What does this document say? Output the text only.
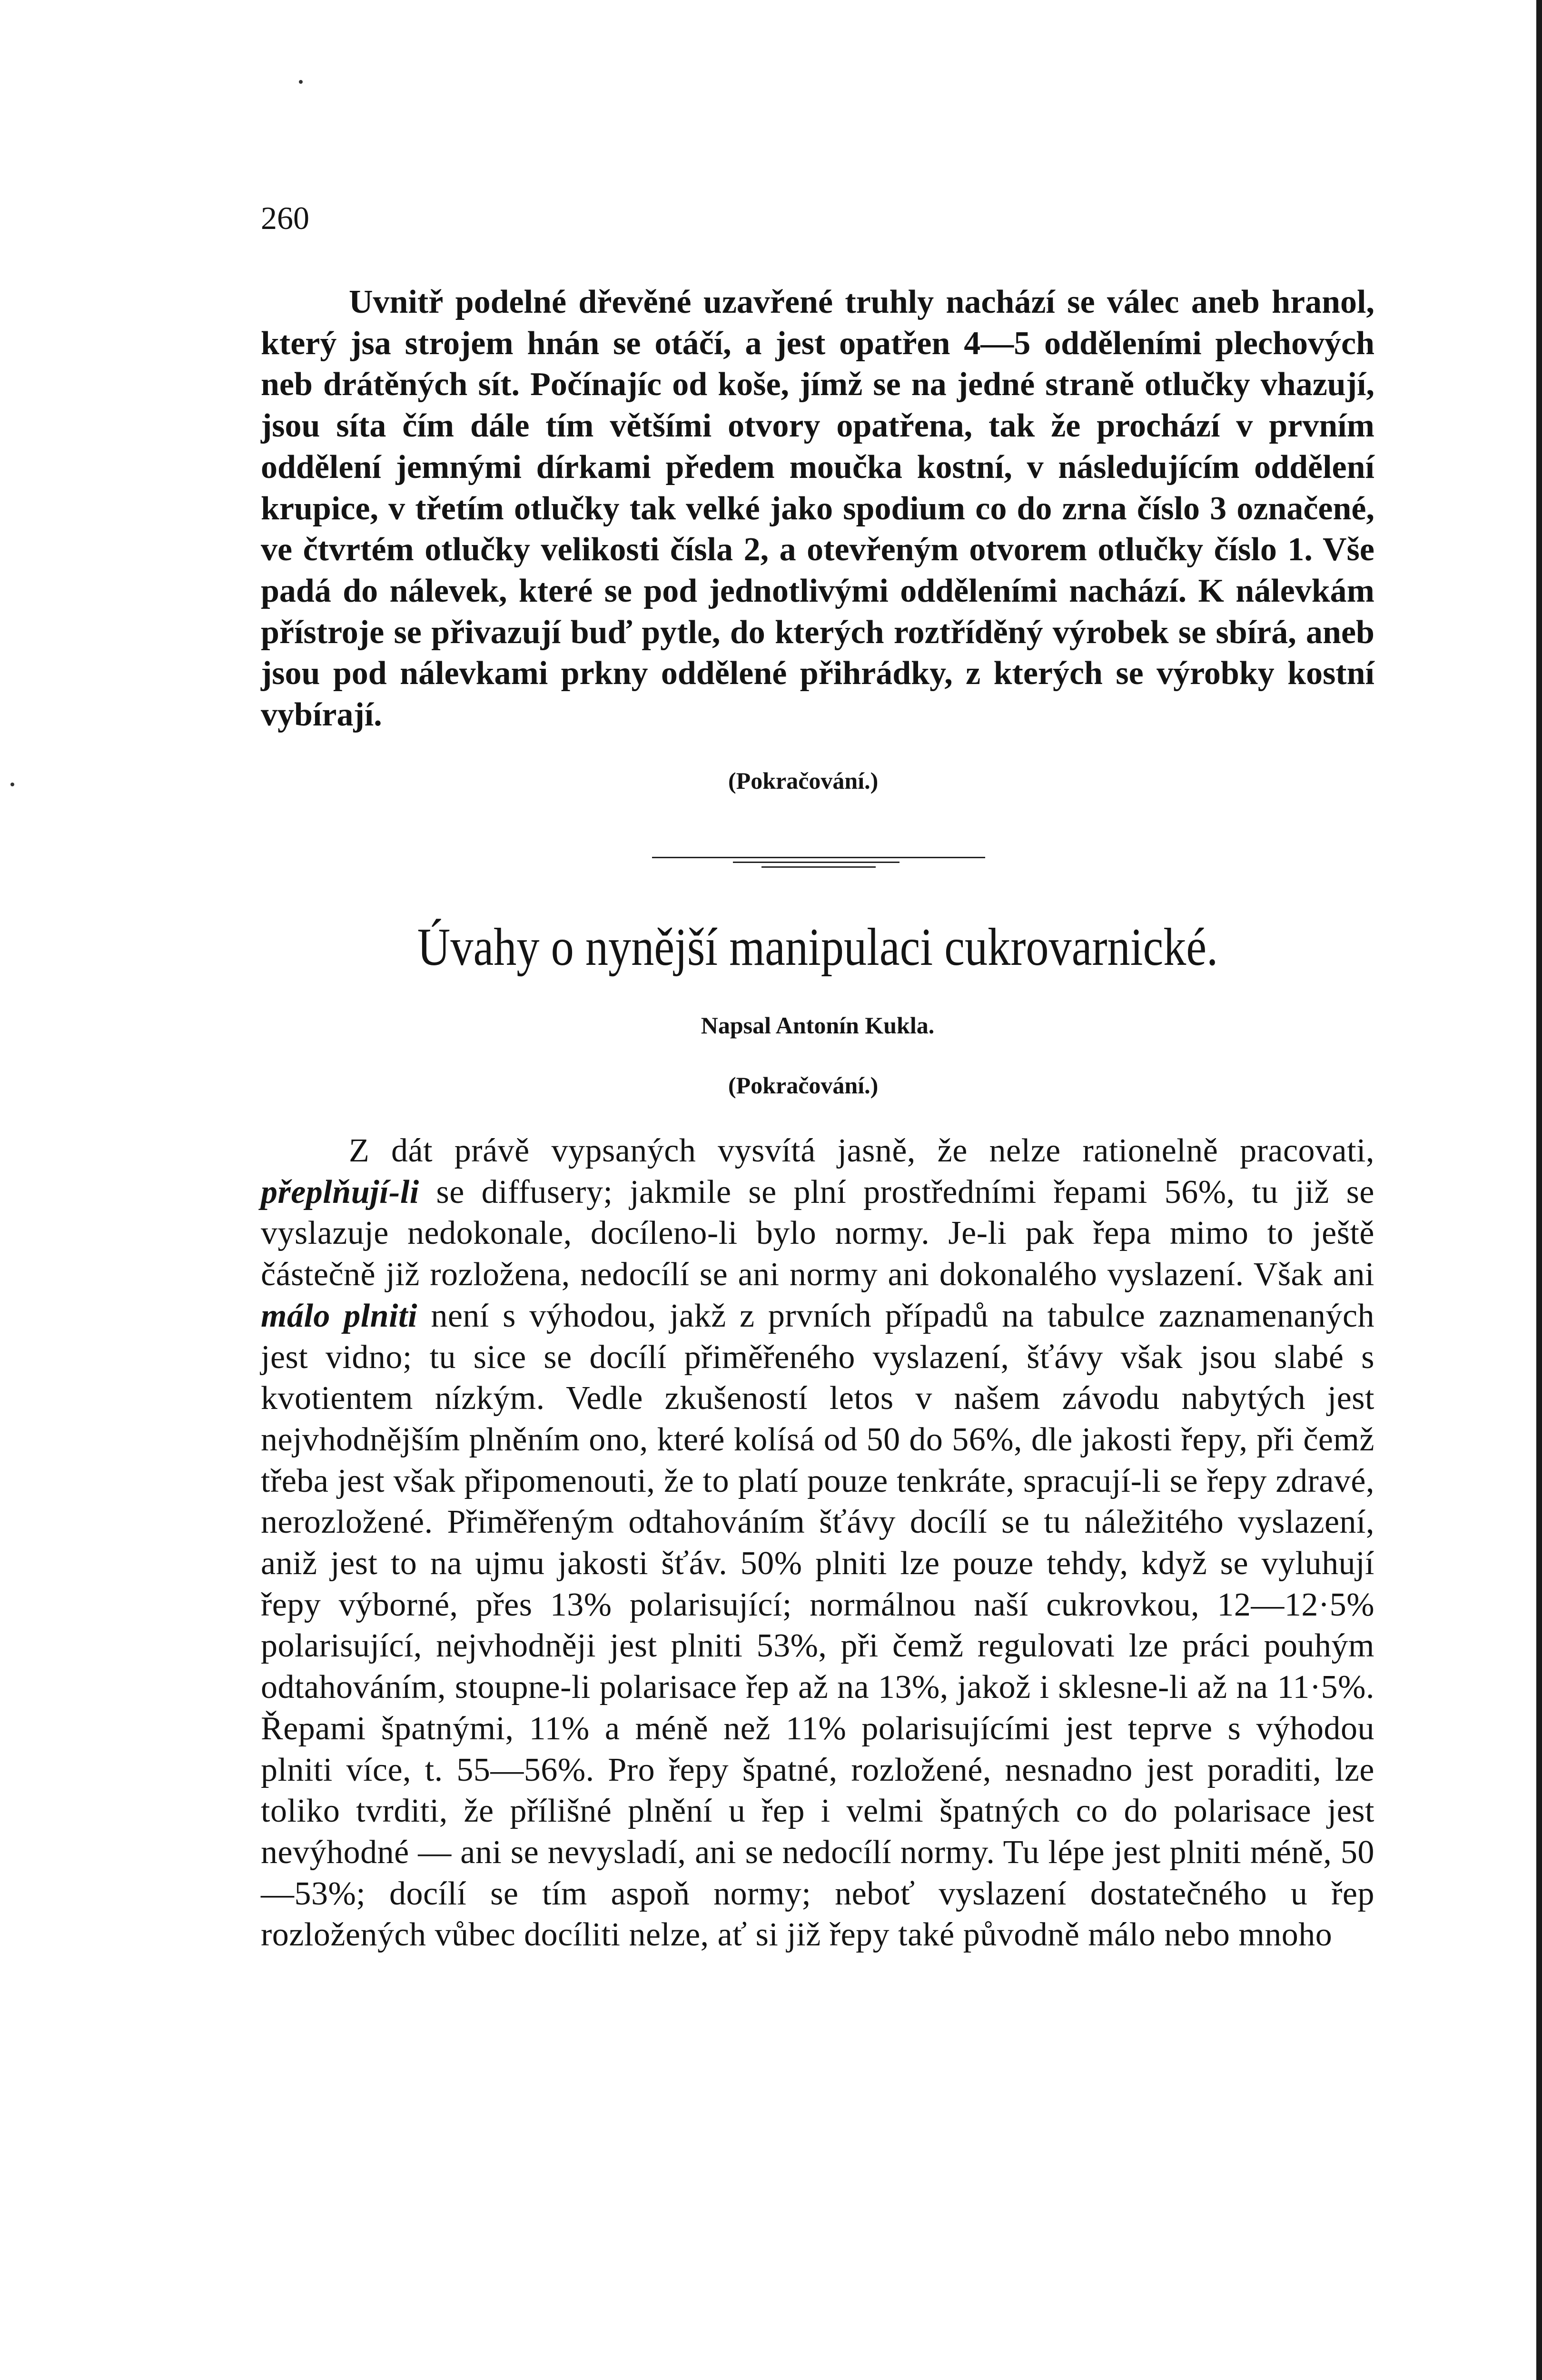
260

Uvnitř podelné dřevěné uzavřené truhly nachází se válec aneb hranol, který jsa strojem hnán se otáčí, a jest opatřen 4—5 odděleními plechových neb drátěných sít. Počínajíc od koše, jímž se na jedné straně otlučky vhazují, jsou síta čím dále tím většími otvory opatřena, tak že prochází v prvním oddělení jemnými dírkami předem moučka kostní, v následujícím oddělení krupice, v třetím otlučky tak velké jako spodium co do zrna číslo 3 označené, ve čtvrtém otlučky velikosti čísla 2, a otevřeným otvorem otlučky číslo 1. Vše padá do nálevek, které se pod jednotlivými odděleními nachází. K nálevkám přístroje se přivazují buď pytle, do kterých roztříděný výrobek se sbírá, aneb jsou pod nálevkami prkny oddělené přihrádky, z kterých se výrobky kostní vybírají.

(Pokračování.)
Úvahy o nynější manipulaci cukrovarnické.
Napsal Antonín Kukla.
(Pokračování.)

Z dát právě vypsaných vysvítá jasně, že nelze rationelně pracovati, přeplňují-li se diffusery; jakmile se plní prostředními řepami 56%, tu již se vyslazuje nedokonale, docíleno-li bylo normy. Je-li pak řepa mimo to ještě částečně již rozložena, nedocílí se ani normy ani dokonalého vyslazení. Však ani málo plniti není s výhodou, jakž z prvních případů na tabulce zaznamenaných jest vidno; tu sice se docílí přiměřeného vyslazení, šťávy však jsou slabé s kvotientem nízkým. Vedle zkušeností letos v našem závodu nabytých jest nejvhodnějším plněním ono, které kolísá od 50 do 56%, dle jakosti řepy, při čemž třeba jest však připomenouti, že to platí pouze tenkráte, spracují-li se řepy zdravé, nerozložené. Přiměřeným odtahováním šťávy docílí se tu náležitého vyslazení, aniž jest to na ujmu jakosti šťáv. 50% plniti lze pouze tehdy, když se vyluhují řepy výborné, přes 13% polarisující; normálnou naší cukrovkou, 12—12·5% polarisující, nejvhodněji jest plniti 53%, při čemž regulovati lze práci pouhým odtahováním, stoupne-li polarisace řep až na 13%, jakož i sklesne-li až na 11·5%. Řepami špatnými, 11% a méně než 11% polarisujícími jest teprve s výhodou plniti více, t. 55—56%. Pro řepy špatné, rozložené, nesnadno jest poraditi, lze toliko tvrditi, že přílišné plnění u řep i velmi špatných co do polarisace jest nevýhodné — ani se nevysladí, ani se nedocílí normy. Tu lépe jest plniti méně, 50—53%; docílí se tím aspoň normy; neboť vyslazení dostatečného u řep rozložených vůbec docíliti nelze, ať si již řepy také původně málo nebo mnoho
